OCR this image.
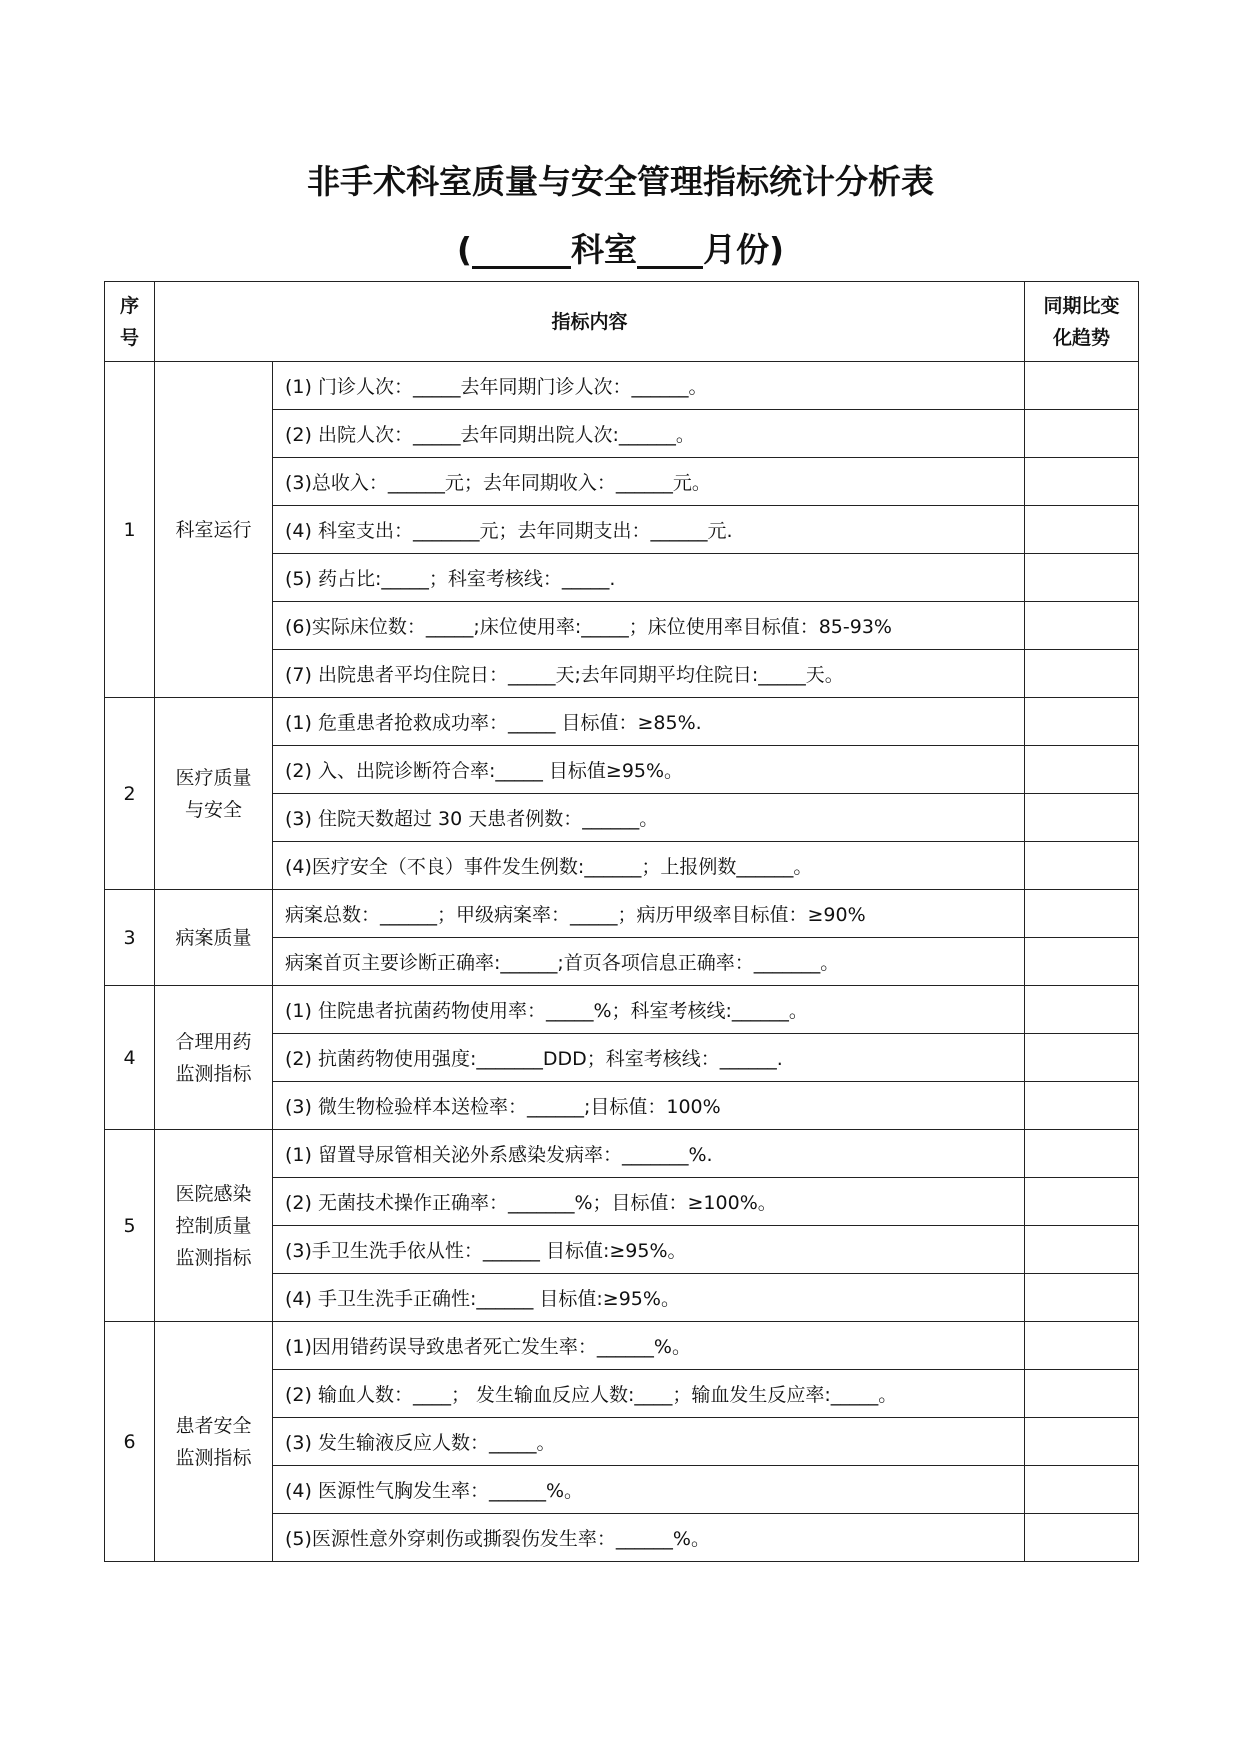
非手术科室质量与安全管理指标统计分析表
(______科室____月份)
序号	指标内容		同期比变化趋势

1	科室运行	(1) 门诊人次：_____去年同期门诊人次：______。	
		(2) 出院人次：_____去年同期出院人次:______。	
		(3)总收入：______元；去年同期收入：______元。	
		(4) 科室支出：_______元；去年同期支出：______元.	
		(5) 药占比:_____；科室考核线：_____.	
		(6)实际床位数：_____;床位使用率:_____；床位使用率目标值：85-93%	
		(7) 出院患者平均住院日：_____天;去年同期平均住院日:_____天。	
2	医疗质量与安全	(1) 危重患者抢救成功率：_____ 目标值：≥85%.	
		(2) 入、出院诊断符合率:_____ 目标值≥95%。	
		(3) 住院天数超过 30 天患者例数：______。	
		(4)医疗安全（不良）事件发生例数:______；上报例数______。	
3	病案质量	病案总数：______；甲级病案率：_____；病历甲级率目标值：≥90%	
		病案首页主要诊断正确率:______;首页各项信息正确率：_______。	
4	合理用药监测指标	(1) 住院患者抗菌药物使用率：_____%；科室考核线:______。	
		(2) 抗菌药物使用强度:_______DDD；科室考核线：______.	
		(3) 微生物检验样本送检率：______;目标值：100%	
5	医院感染控制质量监测指标	(1) 留置导尿管相关泌外系感染发病率：_______%.	
		(2) 无菌技术操作正确率：_______%；目标值：≥100%。	
		(3)手卫生洗手依从性：______ 目标值:≥95%。	
		(4) 手卫生洗手正确性:______ 目标值:≥95%。	
6	患者安全监测指标	(1)因用错药误导致患者死亡发生率：______%。	
		(2) 输血人数：____； 发生输血反应人数:____；输血发生反应率:_____。	
		(3) 发生输液反应人数：_____。	
		(4) 医源性气胸发生率：______%。	
		(5)医源性意外穿刺伤或撕裂伤发生率：______%。	
